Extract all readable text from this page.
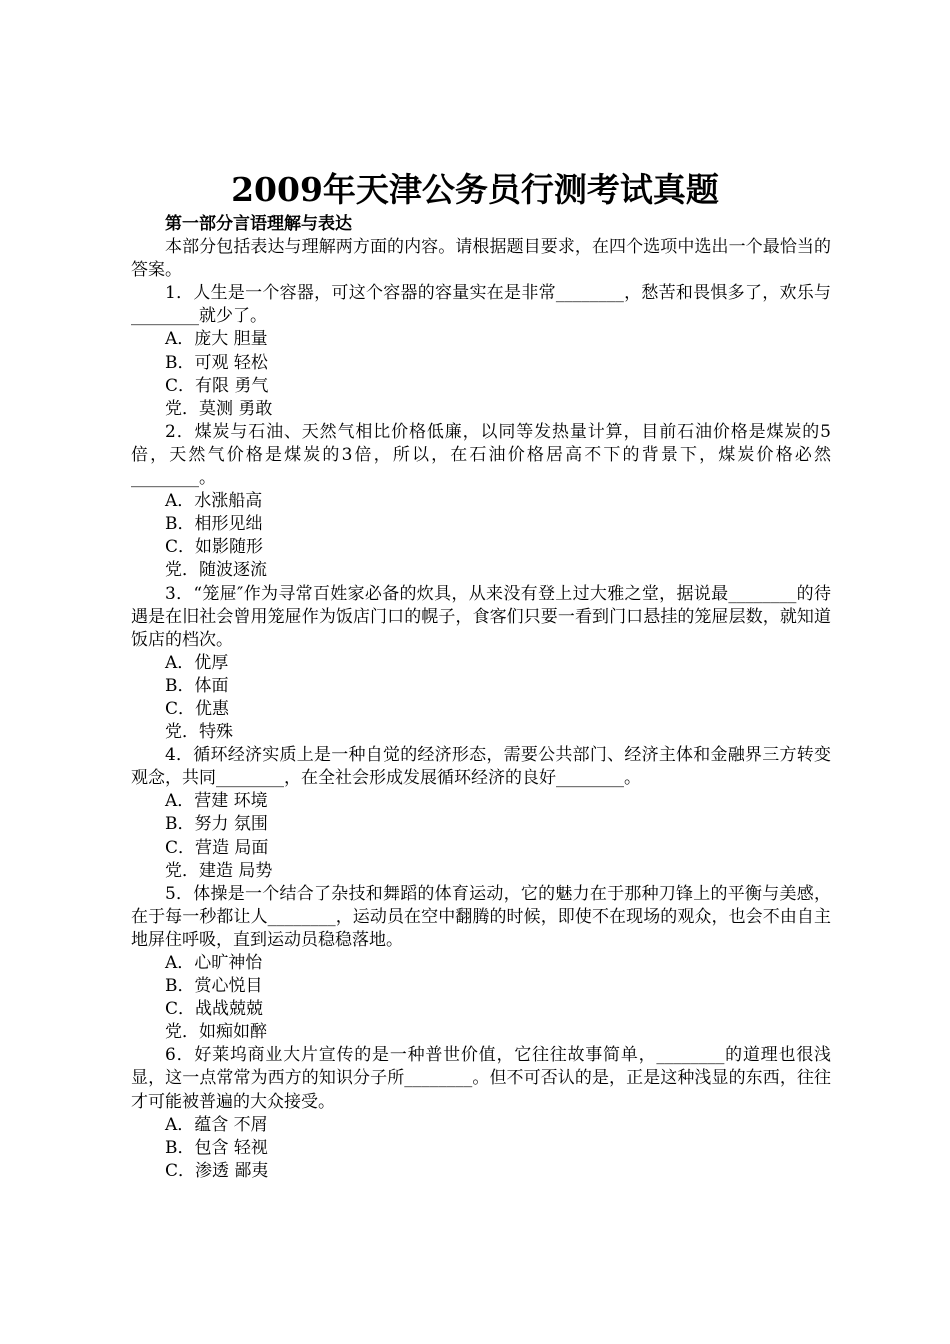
2009年天津公务员行测考试真题

第一部分言语理解与表达

本部分包括表达与理解两方面的内容。请根据题目要求，在四个选项中选出一个最恰当的答案。

1．人生是一个容器，可这个容器的容量实在是非常________，愁苦和畏惧多了，欢乐与________就少了。

A．庞大 胆量

B．可观 轻松

C．有限 勇气

党．莫测 勇敢

2．煤炭与石油、天然气相比价格低廉，以同等发热量计算，目前石油价格是煤炭的5倍，天然气价格是煤炭的3倍，所以，在石油价格居高不下的背景下，煤炭价格必然________。

A．水涨船高

B．相形见绌

C．如影随形

党．随波逐流

3．“笼屉″作为寻常百姓家必备的炊具，从来没有登上过大雅之堂，据说最________的待遇是在旧社会曾用笼屉作为饭店门口的幌子，食客们只要一看到门口悬挂的笼屉层数，就知道饭店的档次。

A．优厚

B．体面

C．优惠

党．特殊

4．循环经济实质上是一种自觉的经济形态，需要公共部门、经济主体和金融界三方转变观念，共同________，在全社会形成发展循环经济的良好________。

A．营建 环境

B．努力 氛围

C．营造 局面

党．建造 局势

5．体操是一个结合了杂技和舞蹈的体育运动，它的魅力在于那种刀锋上的平衡与美感，在于每一秒都让人________，运动员在空中翻腾的时候，即使不在现场的观众，也会不由自主地屏住呼吸，直到运动员稳稳落地。

A．心旷神怡

B．赏心悦目

C．战战兢兢

党．如痴如醉

6．好莱坞商业大片宣传的是一种普世价值，它往往故事简单，________的道理也很浅显，这一点常常为西方的知识分子所________。但不可否认的是，正是这种浅显的东西，往往才可能被普遍的大众接受。

A．蕴含 不屑

B．包含 轻视

C．渗透 鄙夷
